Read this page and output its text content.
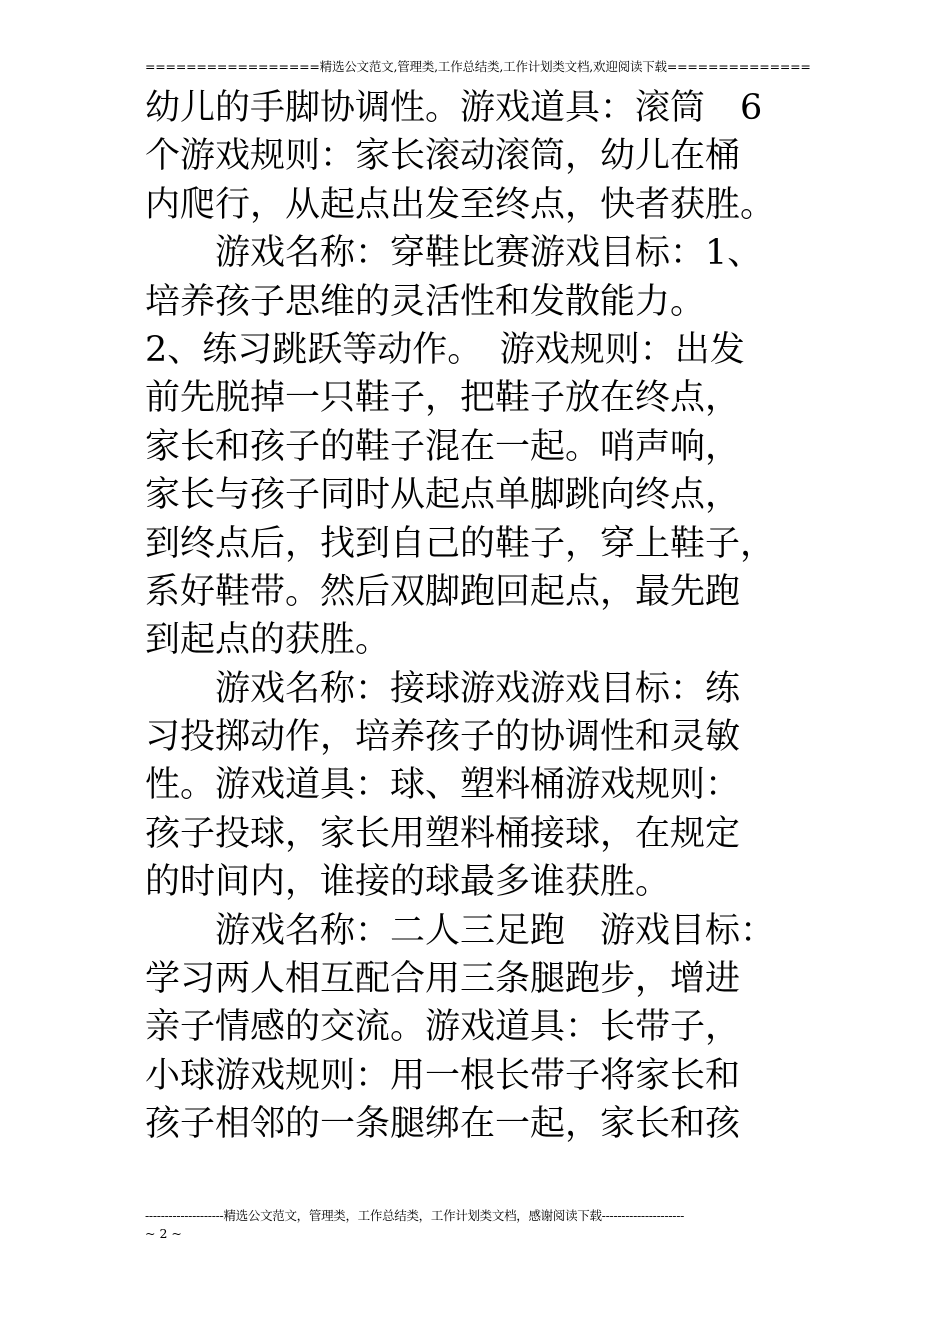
=================精选公文范文,管理类,工作总结类,工作计划类文档,欢迎阅读下载==============
幼儿的手脚协调性。游戏道具：滚筒　6
个游戏规则：家长滚动滚筒，幼儿在桶
内爬行，从起点出发至终点，快者获胜。
　　游戏名称：穿鞋比赛游戏目标：1、
培养孩子思维的灵活性和发散能力。
2、练习跳跃等动作。　游戏规则：出发
前先脱掉一只鞋子，把鞋子放在终点，
家长和孩子的鞋子混在一起。哨声响，
家长与孩子同时从起点单脚跳向终点，
到终点后，找到自己的鞋子，穿上鞋子，
系好鞋带。然后双脚跑回起点，最先跑
到起点的获胜。
　　游戏名称：接球游戏游戏目标：练
习投掷动作，培养孩子的协调性和灵敏
性。游戏道具：球、塑料桶游戏规则：
孩子投球，家长用塑料桶接球，在规定
的时间内，谁接的球最多谁获胜。
　　游戏名称：二人三足跑　游戏目标：
学习两人相互配合用三条腿跑步，增进
亲子情感的交流。游戏道具：长带子，
小球游戏规则：用一根长带子将家长和
孩子相邻的一条腿绑在一起，家长和孩
--------------------精选公文范文，管理类，工作总结类，工作计划类文档，感谢阅读下载---------------------
~ 2 ~
